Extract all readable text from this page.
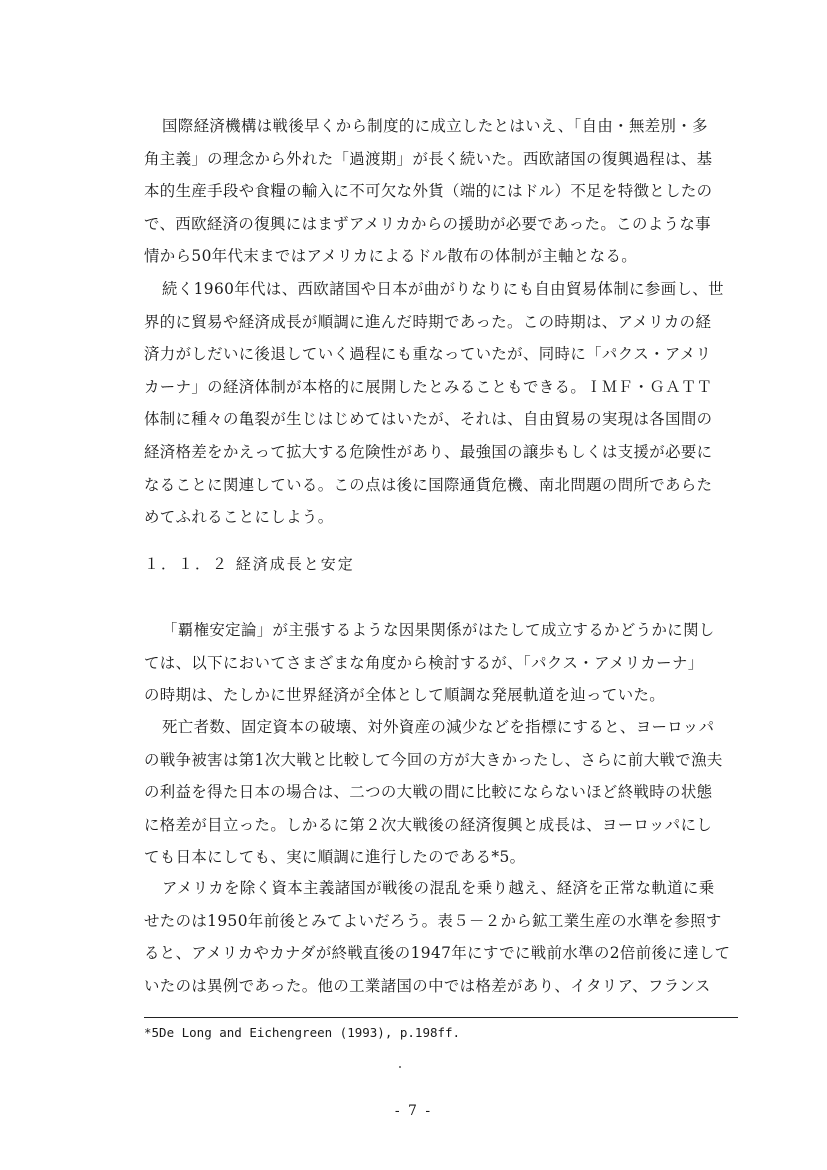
国際経済機構は戦後早くから制度的に成立したとはいえ、「自由・無差別・多
角主義」の理念から外れた「過渡期」が長く続いた。西欧諸国の復興過程は、基
本的生産手段や食糧の輸入に不可欠な外貨（端的にはドル）不足を特徴としたの
で、西欧経済の復興にはまずアメリカからの援助が必要であった。このような事
情から50年代末まではアメリカによるドル散布の体制が主軸となる。
続く1960年代は、西欧諸国や日本が曲がりなりにも自由貿易体制に参画し、世
界的に貿易や経済成長が順調に進んだ時期であった。この時期は、アメリカの経
済力がしだいに後退していく過程にも重なっていたが、同時に「パクス・アメリ
カーナ」の経済体制が本格的に展開したとみることもできる。ＩＭＦ・ＧＡＴＴ
体制に種々の亀裂が生じはじめてはいたが、それは、自由貿易の実現は各国間の
経済格差をかえって拡大する危険性があり、最強国の譲歩もしくは支援が必要に
なることに関連している。この点は後に国際通貨危機、南北問題の問所であらた
めてふれることにしよう。
１．１．２ 経済成長と安定
「覇権安定論」が主張するような因果関係がはたして成立するかどうかに関し
ては、以下においてさまざまな角度から検討するが、「パクス・アメリカーナ」
の時期は、たしかに世界経済が全体として順調な発展軌道を辿っていた。
死亡者数、固定資本の破壊、対外資産の減少などを指標にすると、ヨーロッパ
の戦争被害は第1次大戦と比較して今回の方が大きかったし、さらに前大戦で漁夫
の利益を得た日本の場合は、二つの大戦の間に比較にならないほど終戦時の状態
に格差が目立った。しかるに第２次大戦後の経済復興と成長は、ヨーロッパにし
ても日本にしても、実に順調に進行したのである*5。
アメリカを除く資本主義諸国が戦後の混乱を乗り越え、経済を正常な軌道に乗
せたのは1950年前後とみてよいだろう。表５－２から鉱工業生産の水準を参照す
ると、アメリカやカナダが終戦直後の1947年にすでに戦前水準の2倍前後に達して
いたのは異例であった。他の工業諸国の中では格差があり、イタリア、フランス
*5De Long and Eichengreen (1993), p.198ff.
- 7 -
